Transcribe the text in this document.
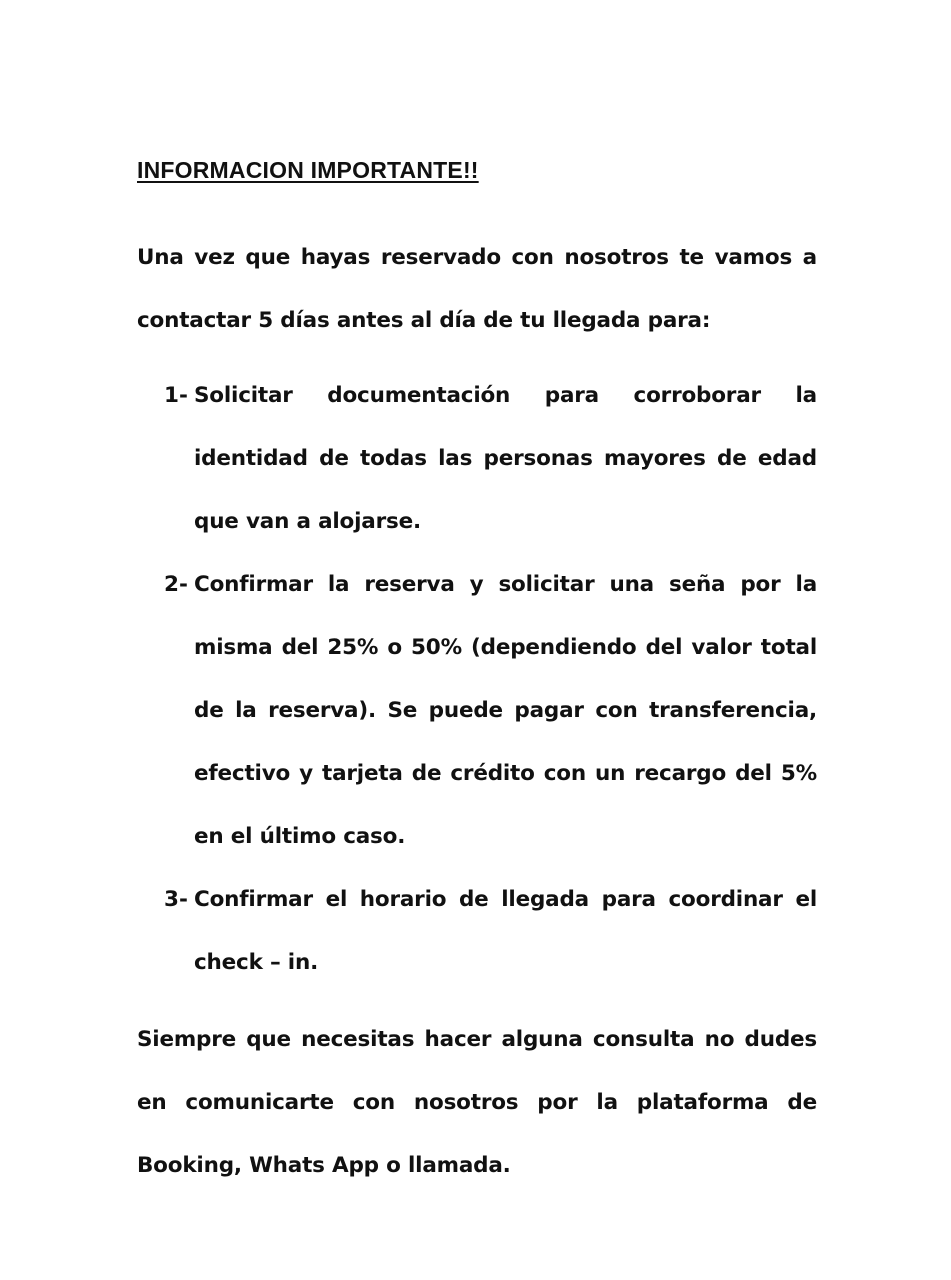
INFORMACION IMPORTANTE!!

Una vez que hayas reservado con nosotros te vamos a contactar 5 días antes al día de tu llegada para:

1- Solicitar documentación para corroborar la identidad de todas las personas mayores de edad que van a alojarse.
2- Confirmar la reserva y solicitar una seña por la misma del 25% o 50% (dependiendo del valor total de la reserva). Se puede pagar con transferencia, efectivo y tarjeta de crédito con un recargo del 5% en el último caso.
3- Confirmar el horario de llegada para coordinar el check – in.

Siempre que necesitas hacer alguna consulta no dudes en comunicarte con nosotros por la plataforma de Booking, Whats App o llamada.
